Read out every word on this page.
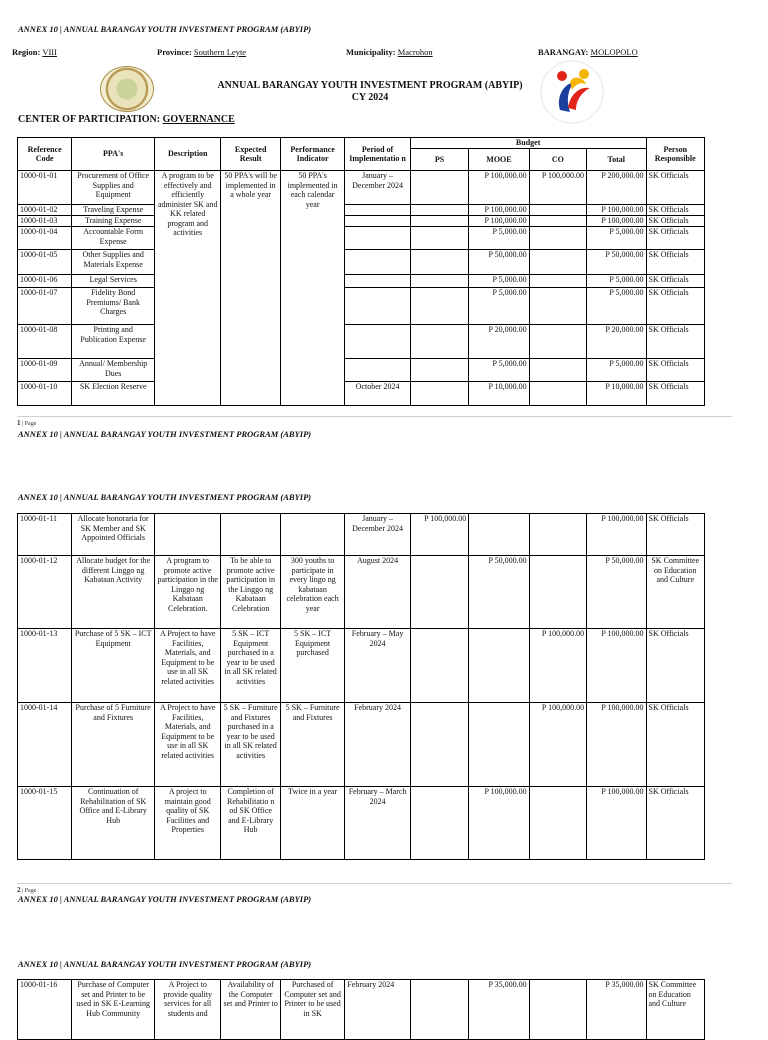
ANNEX 10 | ANNUAL BARANGAY YOUTH INVESTMENT PROGRAM (ABYIP)
Region: VIII	Province: Southern Leyte	Municipality: Macrohon	BARANGAY: MOLOPOLO
ANNUAL BARANGAY YOUTH INVESTMENT PROGRAM (ABYIP)
CY 2024
CENTER OF PARTICIPATION: GOVERNANCE
Reference Code	PPA's	Description	Expected Result	Performance Indicator	Period of Implementatio n	Budget				Person Responsible
						PS	MOOE	CO	Total	
1000-01-01	Procurement of Office Supplies and Equipment	A program to be effectively and efficiently administer SK and KK related program and activities	50 PPA's will be implemented in a whole year	50 PPA's implemented in each calendar year	January – December 2024		P 100,000.00	P 100,000.00	P 200,000.00	SK Officials
1000-01-02	Traveling Expense						P 100,000.00		P 100,000.00	SK Officials
1000-01-03	Training Expense						P 100,000.00		P 100,000.00	SK Officials
1000-01-04	Accountable Form Expense						P 5,000.00		P 5,000.00	SK Officials
1000-01-05	Other Supplies and Materials Expense						P 50,000.00		P 50,000.00	SK Officials
1000-01-06	Legal Services						P 5,000.00		P 5,000.00	SK Officials
1000-01-07	Fidelity Bond Premiums/ Bank Charges						P 5,000.00		P 5,000.00	SK Officials
1000-01-08	Printing and Publication Expense						P 20,000.00		P 20,000.00	SK Officials
1000-01-09	Annual/ Membership Dues						P 5,000.00		P 5,000.00	SK Officials
1000-01-10	SK Election Reserve				October 2024		P 10,000.00		P 10,000.00	SK Officials
1 | Page
ANNEX 10 | ANNUAL BARANGAY YOUTH INVESTMENT PROGRAM (ABYIP)
ANNEX 10 | ANNUAL BARANGAY YOUTH INVESTMENT PROGRAM (ABYIP)
1000-01-11	Allocate honoraria for SK Member and SK Appointed Officials				January – December 2024	P 100,000.00			P 100,000.00	SK Officials
1000-01-12	Allocate budget for the different Linggo ng Kabataan Activity	A program to promote active participation in the Linggo ng Kabataan Celebration.	To be able to promote active participation in the Linggo ng Kabataan Celebration	300 youths to participate in every lingo ng kabataan celebration each year	August 2024		P 50,000.00		P 50,000.00	SK Committee on Education and Culture
1000-01-13	Purchase of 5 SK – ICT Equipment	A Project to have Facilities, Materials, and Equipment to be use in all SK related activities	5 SK – ICT Equipment purchased in a year to be used in all SK related activities	5 SK – ICT Equipment purchased	February – May 2024			P 100,000.00	P 100,000.00	SK Officials
1000-01-14	Purchase of 5 Furniture and Fixtures	A Project to have Facilities, Materials, and Equipment to be use in all SK related activities	5 SK – Furniture and Fixtures purchased in a year to be used in all SK related activities	5 SK – Furniture and Fixtures	February 2024			P 100,000.00	P 100,000.00	SK Officials
1000-01-15	Continuation of Rehabilitation of SK Office and E-Library Hub	A project to maintain good quality of SK Facilities and Properties	Completion of Rehabilitatio n od SK Office and E-Library Hub	Twice in a year	February – March 2024		P 100,000.00		P 100,000.00	SK Officials
2 | Page
ANNEX 10 | ANNUAL BARANGAY YOUTH INVESTMENT PROGRAM (ABYIP)
ANNEX 10 | ANNUAL BARANGAY YOUTH INVESTMENT PROGRAM (ABYIP)
1000-01-16	Purchase of Computer set and Printer to be used in SK E-Learning Hub Community	A Project to provide quality services for all students and	Availability of the Computer set and Printer to	Purchased of Computer set and Printer to be used in SK	February 2024		P 35,000.00		P 35,000.00	SK Committee on Education and Culture
